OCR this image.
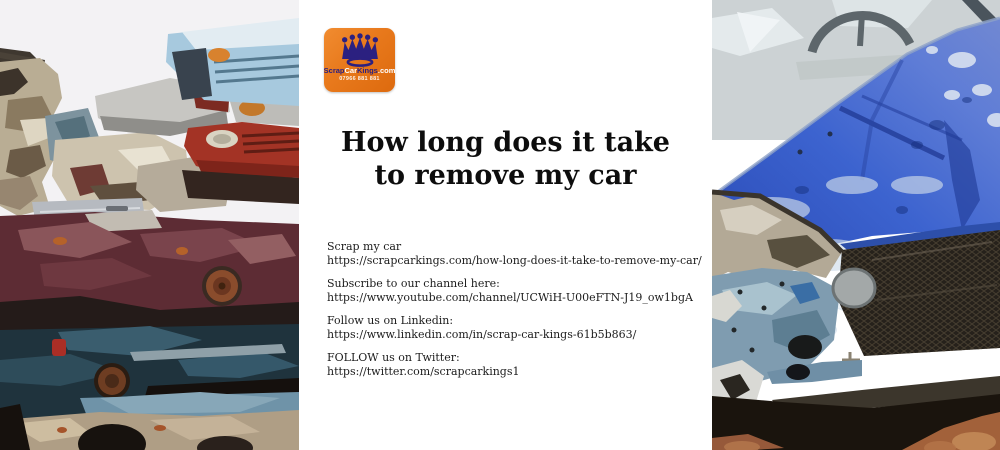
ScrapCarKings.com
07966 881 881
How long does it take
to remove my car
Scrap my car
https://scrapcarkings.com/how-long-does-it-take-to-remove-my-car/
Subscribe to our channel here:
https://www.youtube.com/channel/UCWiH-U00eFTN-J19_ow1bgA
Follow us on Linkedin:
https://www.linkedin.com/in/scrap-car-kings-61b5b863/
FOLLOW us on Twitter:
https://twitter.com/scrapcarkings1
